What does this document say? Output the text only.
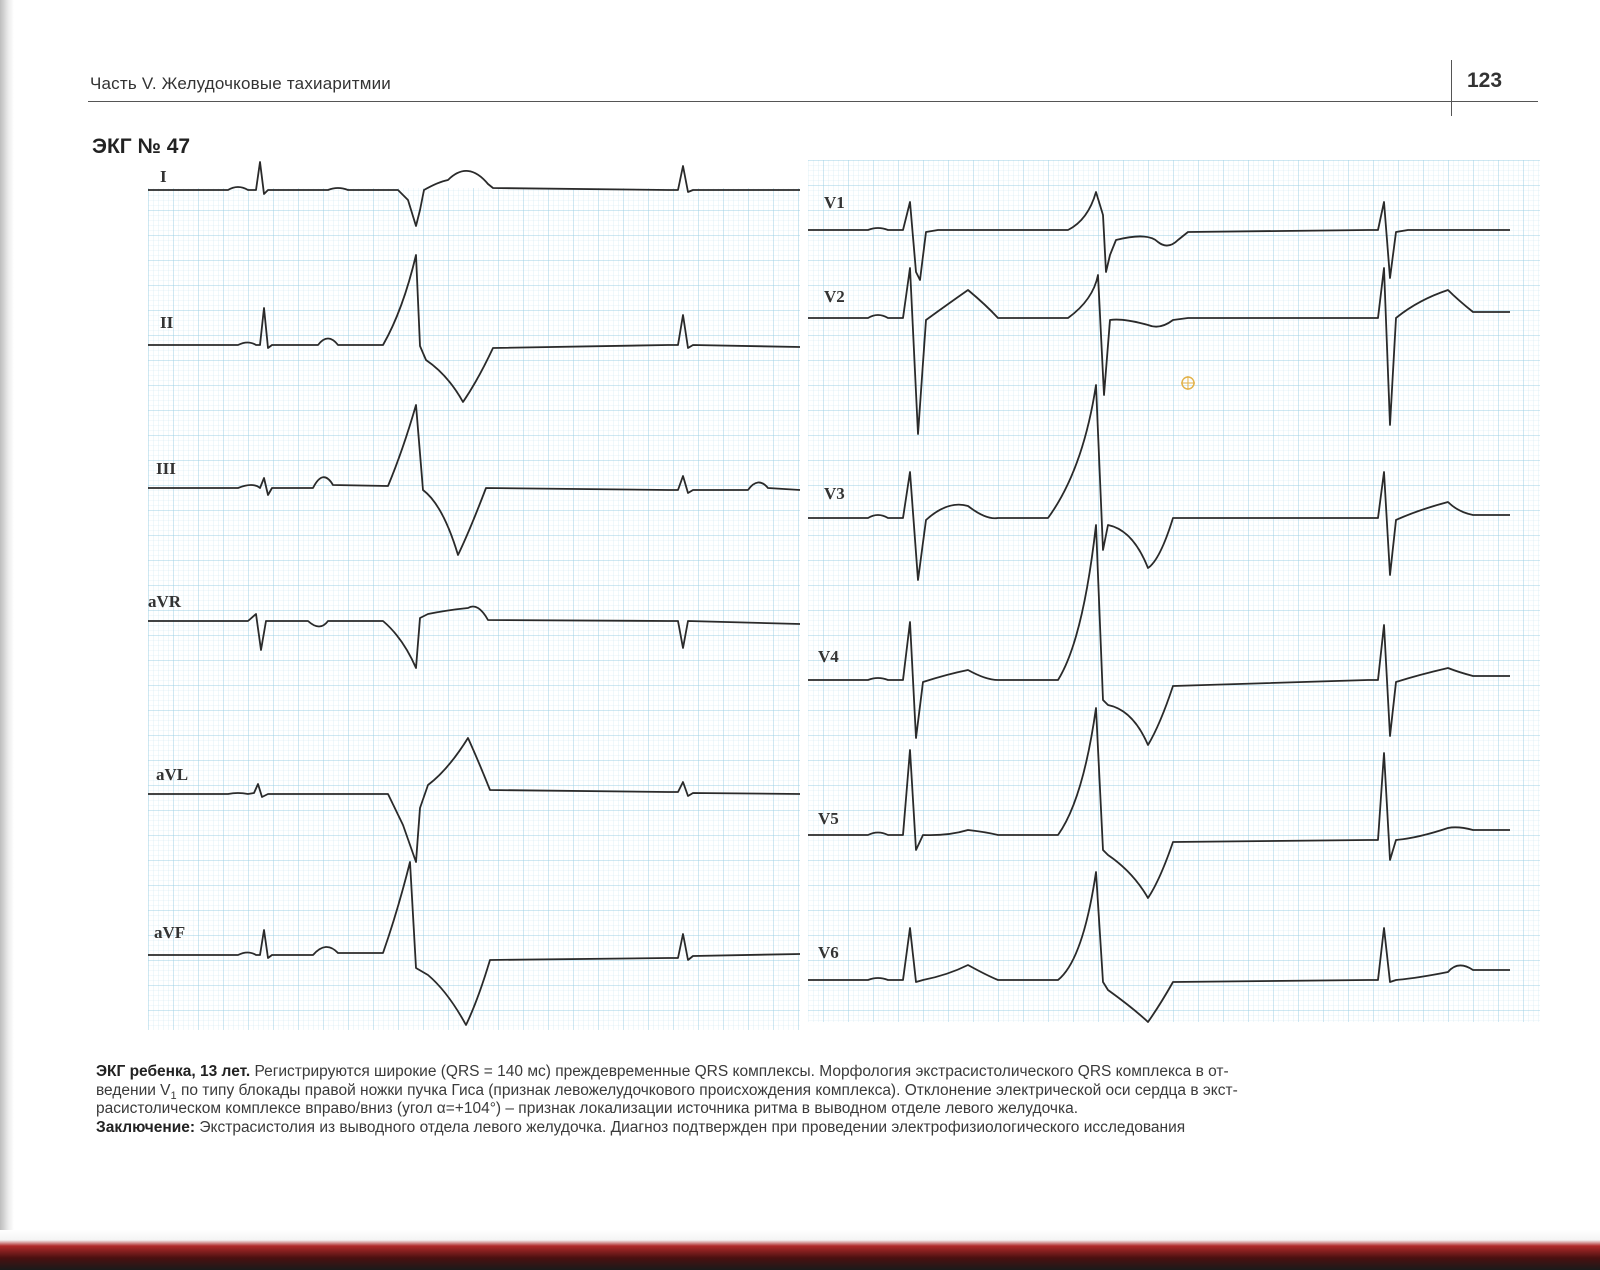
Часть V. Желудочковые тахиаритмии	123
ЭКГ № 47
I
II
III
aVR
aVL
aVF
V1
V2
V3
V4
V5
V6
ЭКГ ребенка, 13 лет. Регистрируются широкие (QRS = 140 мс) преждевременные QRS комплексы. Морфология экстрасистолического QRS комплекса в от-
ведении $V_1$ по типу блокады правой ножки пучка Гиса (признак левожелудочкового происхождения комплекса). Отклонение электрической оси сердца в экст-
расистолическом комплексе вправо/вниз (угол α=+104°) – признак локализации источника ритма в выводном отделе левого желудочка.
Заключение: Экстрасистолия из выводного отдела левого желудочка. Диагноз подтвержден при проведении электрофизиологического исследования
